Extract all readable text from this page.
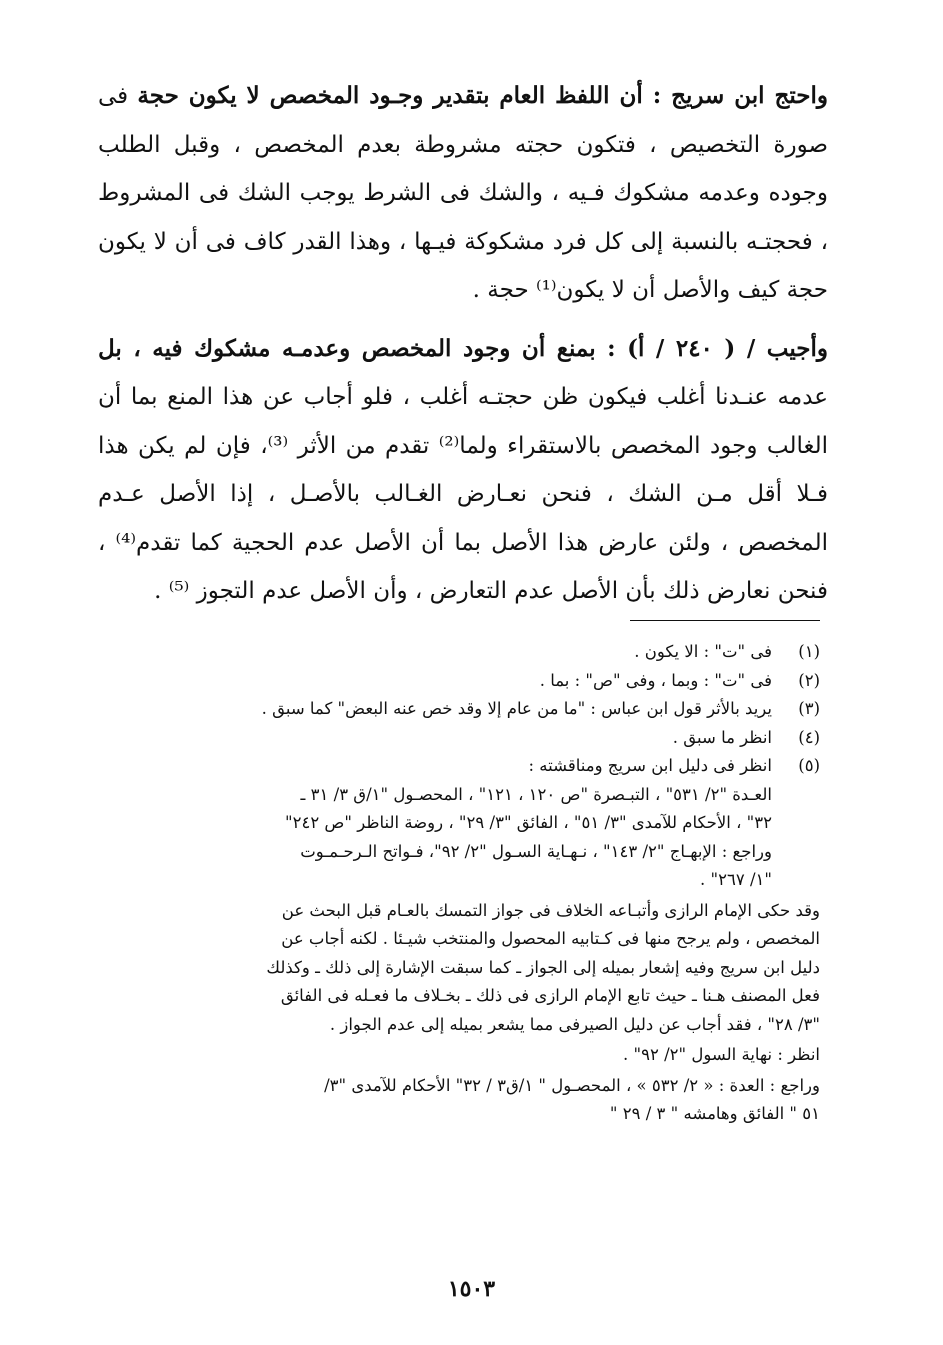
واحتج ابن سريج : أن اللفظ العام بتقدير وجـود المخصص لا يكون حجة فى صورة التخصيص ، فتكون حجته مشروطة بعدم المخصص ، وقبل الطلب وجوده وعدمه مشكوك فـيه ، والشك فى الشرط يوجب الشك فى المشروط ، فحجتـه بالنسبة إلى كل فرد مشكوكة فيـها ، وهذا القدر كاف فى أن لا يكون حجة كيف والأصل أن لا يكون⁽¹⁾ حجة .

وأجيب / ( ٢٤٠ / أ) : بمنع أن وجود المخصص وعدمـه مشكوك فيه ، بل عدمه عنـدنا أغلب فيكون ظن حجتـه أغلب ، فلو أجاب عن هذا المنع بما أن الغالب وجود المخصص بالاستقراء ولما⁽²⁾ تقدم من الأثر ⁽³⁾، فإن لم يكن هذا فـلا أقل مـن الشك ، فنحن نعـارض الغـالب بالأصـل ، إذا الأصل عـدم المخصص ، ولئن عارض هذا الأصل بما أن الأصل عدم الحجية كما تقدم⁽⁴⁾ ، فنحن نعارض ذلك بأن الأصل عدم التعارض ، وأن الأصل عدم التجوز ⁽⁵⁾ .

(١)
فى "ت" : الا يكون .
(٢)
فى "ت" : وبما ، وفى "ص" : بما .
(٣)
يريد بالأثر قول ابن عباس : "ما من عام إلا وقد خص عنه البعض" كما سبق .
(٤)
انظر ما سبق .
(٥)
انظر فى دليل ابن سريج ومناقشته :
العـدة "٢/ ٥٣١" ، التبـصرة "ص ١٢٠ ، ١٢١" ، المحصـول "١/ق ٣/ ٣١ ـ
٣٢" ، الأحكام للآمدى "٣/ ٥١" ، الفائق "٣/ ٢٩" ، روضة الناظر "ص ٢٤٢"
وراجع : الإبهـاج "٢/ ١٤٣" ، نـهـاية السـول "٢/ ٩٢"، فـواتح الـرحـمـوت
"١/ ٢٦٧" .
وقد حكى الإمام الرازى وأتبـاعه الخلاف فى جواز التمسك بالعـام قبل البحث عن
المخصص ، ولم يرجح منها فى كـتابيه المحصول والمنتخب شيـئا . لكنه أجاب عن
دليل ابن سريج وفيه إشعار بميله إلى الجواز ـ كما سبقت الإشارة إلى ذلك ـ وكذلك
فعل المصنف هـنا ـ حيث تابع الإمام الرازى فى ذلك ـ بخـلاف ما فعـله فى الفائق
"٣/ ٢٨" ، فقد أجاب عن دليل الصيرفى مما يشعر بميله إلى عدم الجواز .
انظر : نهاية السول "٢/ ٩٢" .
وراجع : العدة : « ٢/ ٥٣٢ » ، المحصـول " ١/ق٣ / ٣٢" الأحكام للآمدى "٣/
٥١ " الفائق وهامشه " ٣ / ٢٩ "
١٥٠٣
